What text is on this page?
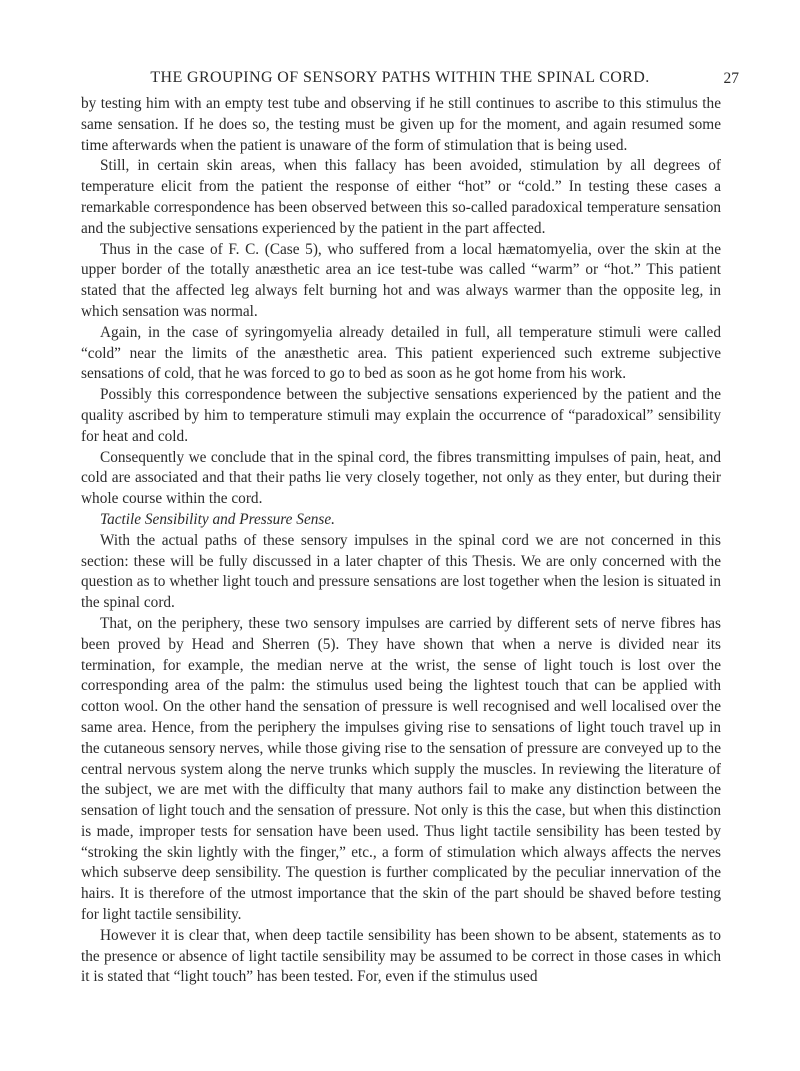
THE GROUPING OF SENSORY PATHS WITHIN THE SPINAL CORD.	27

by testing him with an empty test tube and observing if he still continues to ascribe to this stimulus the same sensation. If he does so, the testing must be given up for the moment, and again resumed some time afterwards when the patient is unaware of the form of stimulation that is being used.

Still, in certain skin areas, when this fallacy has been avoided, stimulation by all degrees of temperature elicit from the patient the response of either “hot” or “cold.” In testing these cases a remarkable correspondence has been observed between this so-called paradoxical temperature sensation and the subjective sensations experienced by the patient in the part affected.

Thus in the case of F. C. (Case 5), who suffered from a local hæmatomyelia, over the skin at the upper border of the totally anæsthetic area an ice test-tube was called “warm” or “hot.” This patient stated that the affected leg always felt burning hot and was always warmer than the opposite leg, in which sensation was normal.

Again, in the case of syringomyelia already detailed in full, all temperature stimuli were called “cold” near the limits of the anæsthetic area. This patient experienced such extreme subjective sensations of cold, that he was forced to go to bed as soon as he got home from his work.

Possibly this correspondence between the subjective sensations experienced by the patient and the quality ascribed by him to temperature stimuli may explain the occurrence of “paradoxical” sensibility for heat and cold.

Consequently we conclude that in the spinal cord, the fibres transmitting impulses of pain, heat, and cold are associated and that their paths lie very closely together, not only as they enter, but during their whole course within the cord.

Tactile Sensibility and Pressure Sense.

With the actual paths of these sensory impulses in the spinal cord we are not concerned in this section: these will be fully discussed in a later chapter of this Thesis. We are only concerned with the question as to whether light touch and pressure sensations are lost together when the lesion is situated in the spinal cord.

That, on the periphery, these two sensory impulses are carried by different sets of nerve fibres has been proved by Head and Sherren (5). They have shown that when a nerve is divided near its termination, for example, the median nerve at the wrist, the sense of light touch is lost over the corresponding area of the palm: the stimulus used being the lightest touch that can be applied with cotton wool. On the other hand the sensation of pressure is well recognised and well localised over the same area. Hence, from the periphery the impulses giving rise to sensations of light touch travel up in the cutaneous sensory nerves, while those giving rise to the sensation of pressure are conveyed up to the central nervous system along the nerve trunks which supply the muscles. In reviewing the literature of the subject, we are met with the difficulty that many authors fail to make any distinction between the sensation of light touch and the sensation of pressure. Not only is this the case, but when this distinction is made, improper tests for sensation have been used. Thus light tactile sensibility has been tested by “stroking the skin lightly with the finger,” etc., a form of stimulation which always affects the nerves which subserve deep sensibility. The question is further complicated by the peculiar innervation of the hairs. It is therefore of the utmost importance that the skin of the part should be shaved before testing for light tactile sensibility.

However it is clear that, when deep tactile sensibility has been shown to be absent, statements as to the presence or absence of light tactile sensibility may be assumed to be correct in those cases in which it is stated that “light touch” has been tested. For, even if the stimulus used
